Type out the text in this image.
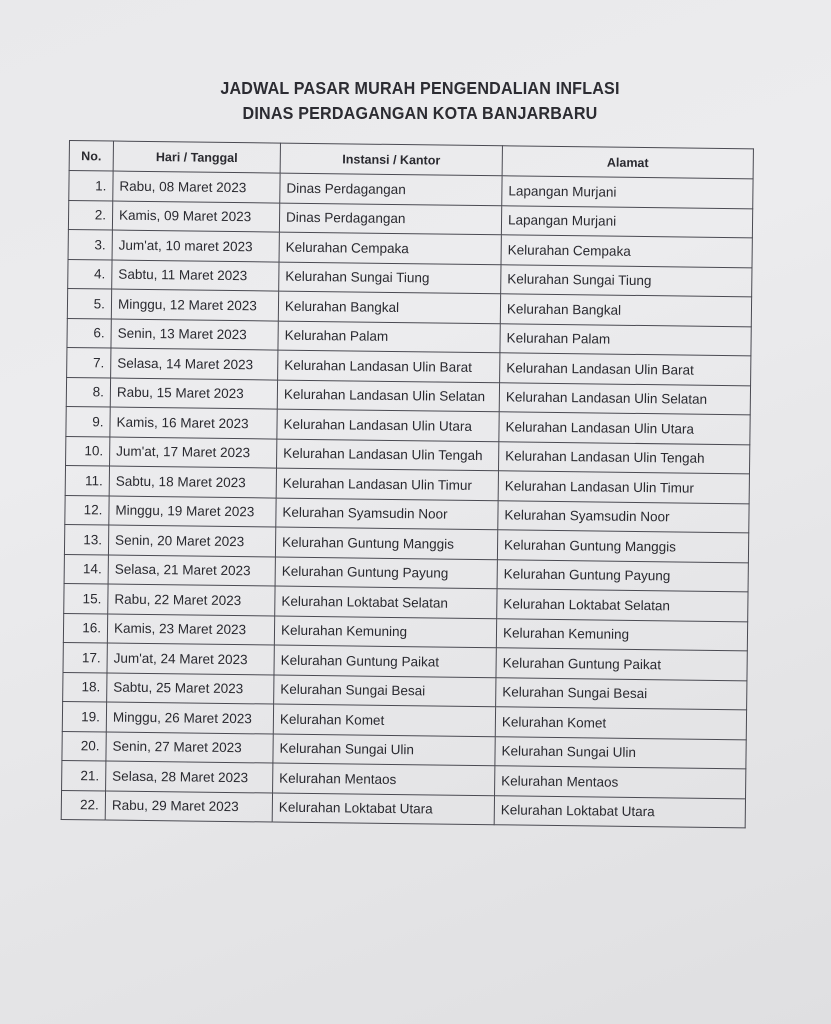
JADWAL PASAR MURAH PENGENDALIAN INFLASI
DINAS PERDAGANGAN KOTA BANJARBARU
No.	Hari / Tanggal	Instansi / Kantor	Alamat
1.	Rabu, 08 Maret 2023	Dinas Perdagangan	Lapangan Murjani
2.	Kamis, 09 Maret 2023	Dinas Perdagangan	Lapangan Murjani
3.	Jum'at, 10 maret 2023	Kelurahan Cempaka	Kelurahan Cempaka
4.	Sabtu, 11 Maret 2023	Kelurahan Sungai Tiung	Kelurahan Sungai Tiung
5.	Minggu, 12 Maret 2023	Kelurahan Bangkal	Kelurahan Bangkal
6.	Senin, 13 Maret 2023	Kelurahan Palam	Kelurahan Palam
7.	Selasa, 14 Maret 2023	Kelurahan Landasan Ulin Barat	Kelurahan Landasan Ulin Barat
8.	Rabu, 15 Maret 2023	Kelurahan Landasan Ulin Selatan	Kelurahan Landasan Ulin Selatan
9.	Kamis, 16 Maret 2023	Kelurahan Landasan Ulin Utara	Kelurahan Landasan Ulin Utara
10.	Jum'at, 17 Maret 2023	Kelurahan Landasan Ulin Tengah	Kelurahan Landasan Ulin Tengah
11.	Sabtu, 18 Maret 2023	Kelurahan Landasan Ulin Timur	Kelurahan Landasan Ulin Timur
12.	Minggu, 19 Maret 2023	Kelurahan Syamsudin Noor	Kelurahan Syamsudin Noor
13.	Senin, 20 Maret 2023	Kelurahan Guntung Manggis	Kelurahan Guntung Manggis
14.	Selasa, 21 Maret 2023	Kelurahan Guntung Payung	Kelurahan Guntung Payung
15.	Rabu, 22 Maret 2023	Kelurahan Loktabat Selatan	Kelurahan Loktabat Selatan
16.	Kamis, 23 Maret 2023	Kelurahan Kemuning	Kelurahan Kemuning
17.	Jum'at, 24 Maret 2023	Kelurahan Guntung Paikat	Kelurahan Guntung Paikat
18.	Sabtu, 25 Maret 2023	Kelurahan Sungai Besai	Kelurahan Sungai Besai
19.	Minggu, 26 Maret 2023	Kelurahan Komet	Kelurahan Komet
20.	Senin, 27 Maret 2023	Kelurahan Sungai Ulin	Kelurahan Sungai Ulin
21.	Selasa, 28 Maret 2023	Kelurahan Mentaos	Kelurahan Mentaos
22.	Rabu, 29 Maret 2023	Kelurahan Loktabat Utara	Kelurahan Loktabat Utara
